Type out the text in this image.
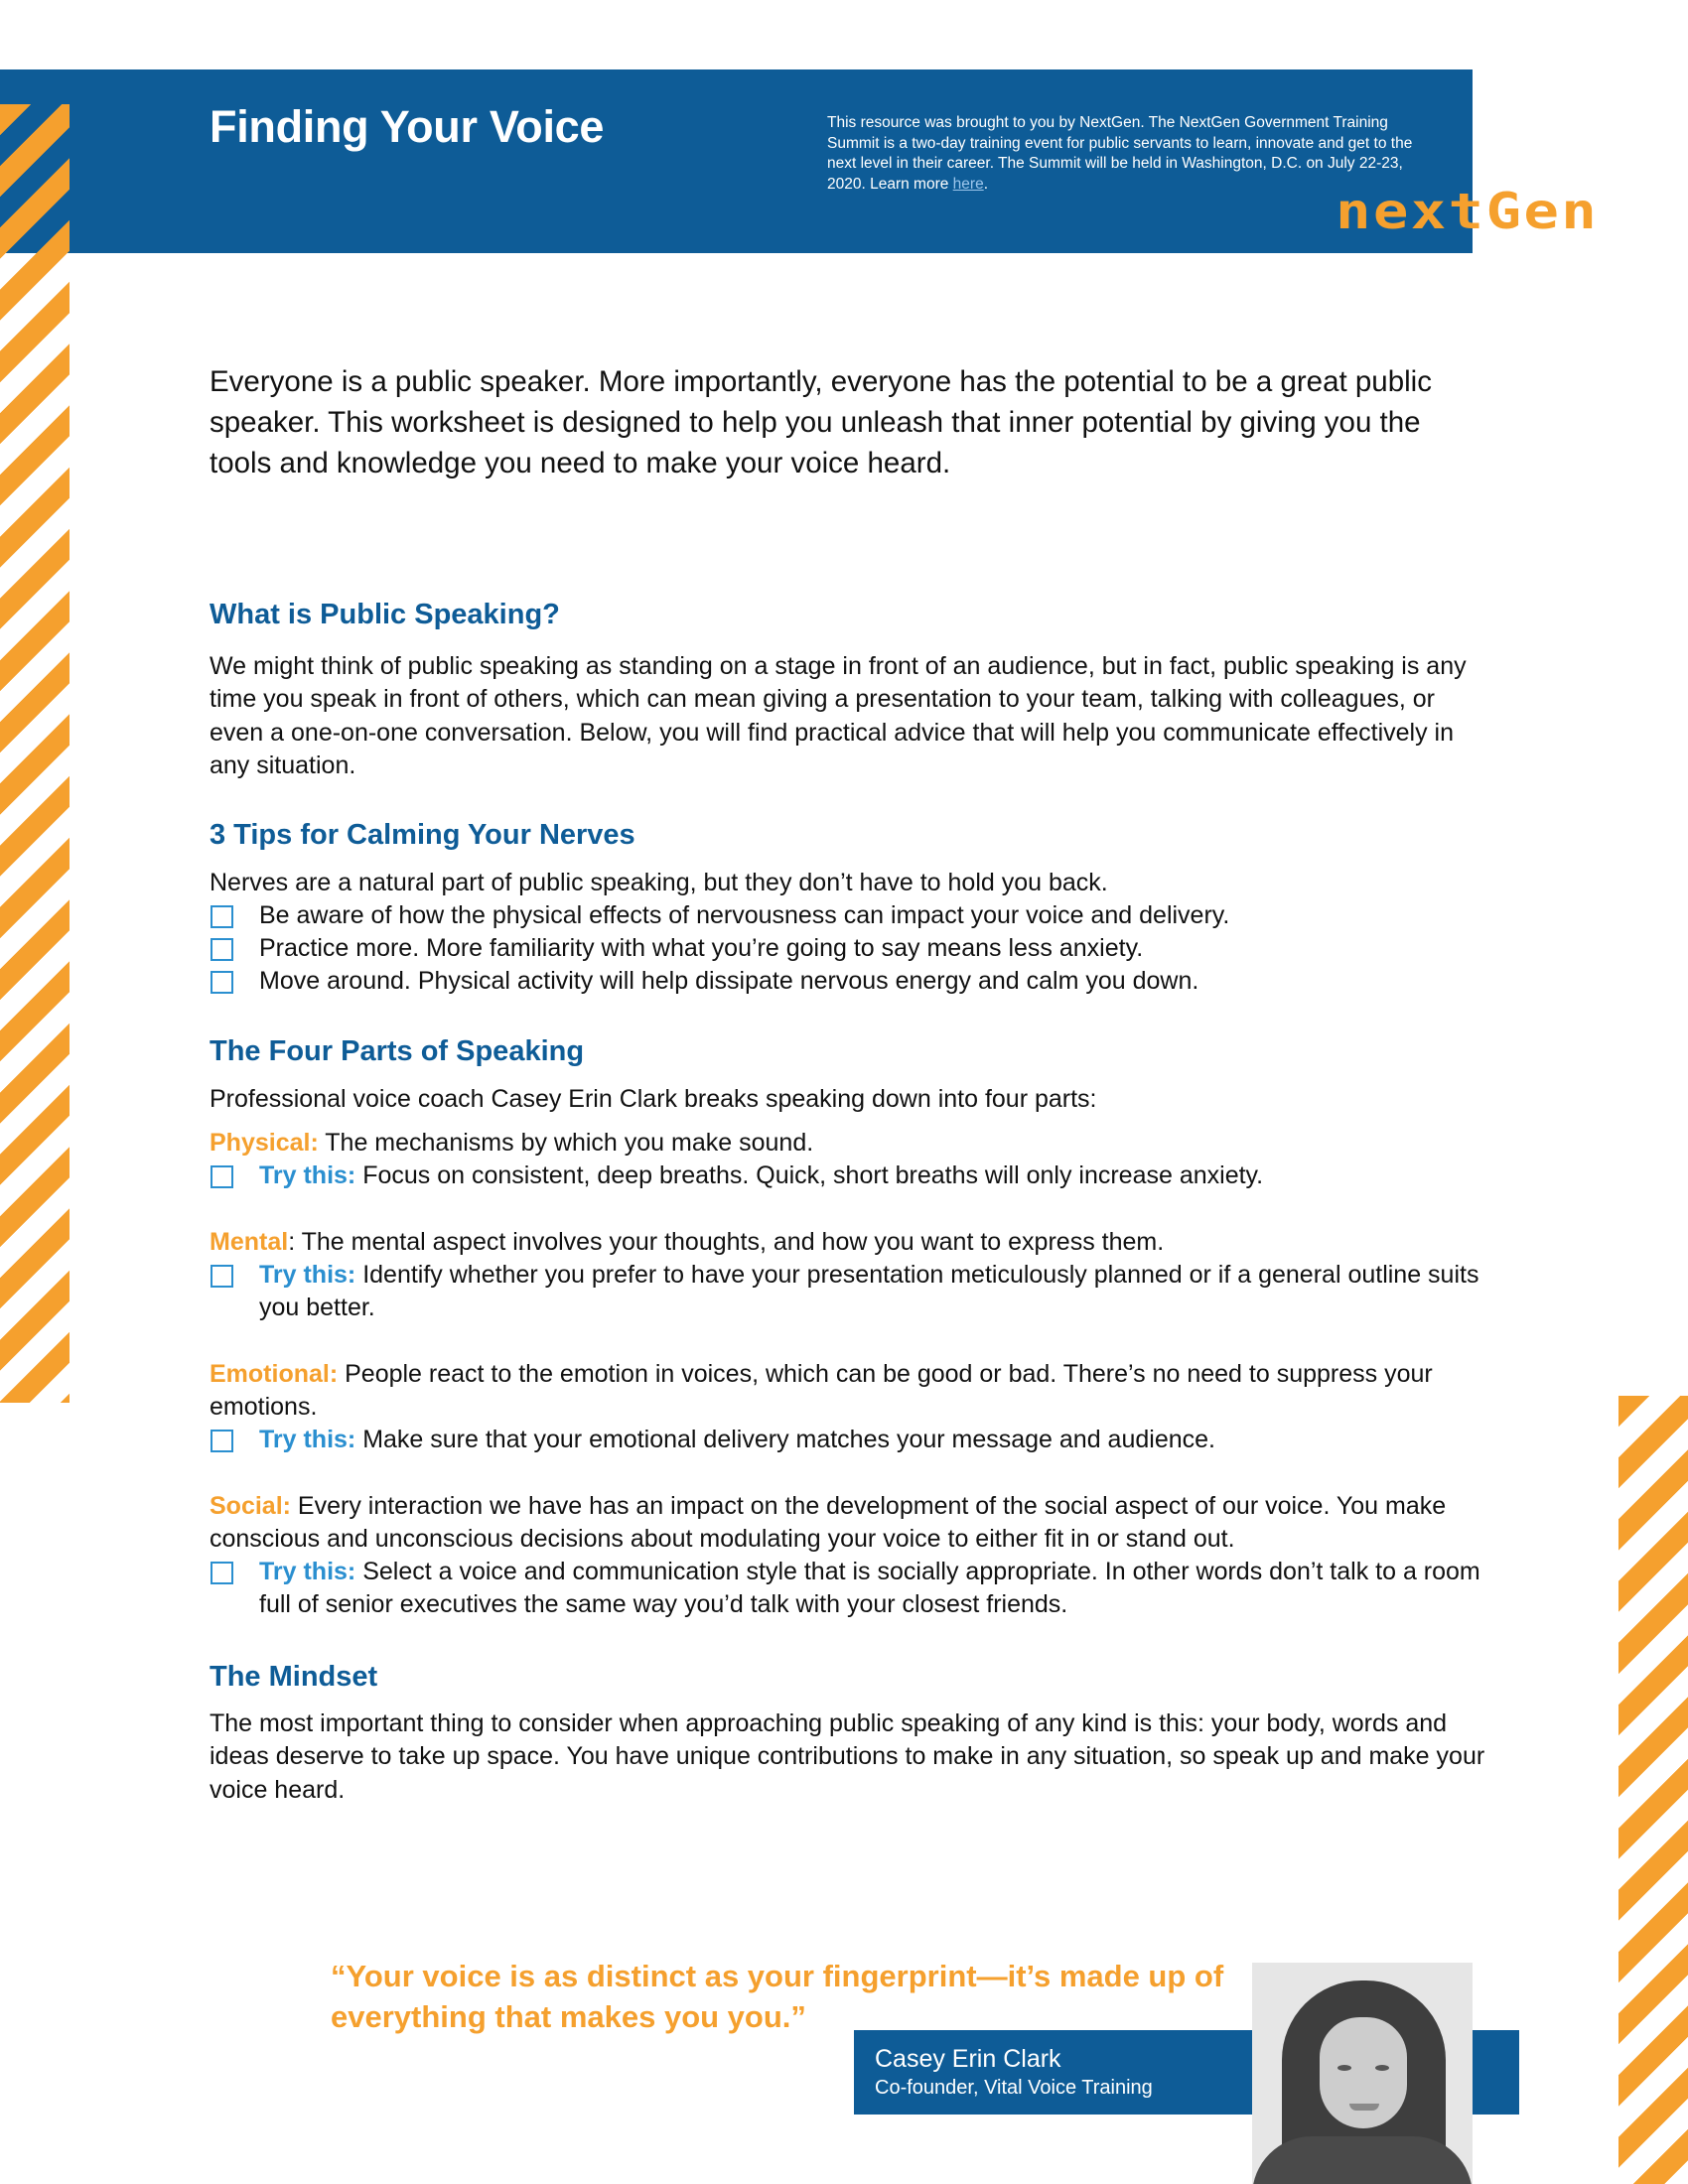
Finding Your Voice	This resource was brought to you by NextGen. The NextGen Government Training Summit is a two-day training event for public servants to learn, innovate and get to the next level in their career. The Summit will be held in Washington, D.C. on July 22-23, 2020. Learn more here.	nextGen

Everyone is a public speaker. More importantly, everyone has the potential to be a great public speaker. This worksheet is designed to help you unleash that inner potential by giving you the tools and knowledge you need to make your voice heard.

What is Public Speaking?

We might think of public speaking as standing on a stage in front of an audience, but in fact, public speaking is any time you speak in front of others, which can mean giving a presentation to your team, talking with colleagues, or even a one-on-one conversation. Below, you will find practical advice that will help you communicate effectively in any situation.

3 Tips for Calming Your Nerves

Nerves are a natural part of public speaking, but they don’t have to hold you back.

Be aware of how the physical effects of nervousness can impact your voice and delivery.
Practice more. More familiarity with what you’re going to say means less anxiety.
Move around. Physical activity will help dissipate nervous energy and calm you down.
The Four Parts of Speaking

Professional voice coach Casey Erin Clark breaks speaking down into four parts:

Physical: The mechanisms by which you make sound.

Try this: Focus on consistent, deep breaths. Quick, short breaths will only increase anxiety.

Mental: The mental aspect involves your thoughts, and how you want to express them.

Try this: Identify whether you prefer to have your presentation meticulously planned or if a general outline suits you better.

Emotional: People react to the emotion in voices, which can be good or bad. There’s no need to suppress your emotions.

Try this: Make sure that your emotional delivery matches your message and audience.

Social: Every interaction we have has an impact on the development of the social aspect of our voice. You make conscious and unconscious decisions about modulating your voice to either fit in or stand out.

Try this: Select a voice and communication style that is socially appropriate. In other words don’t talk to a room full of senior executives the same way you’d talk with your closest friends.
The Mindset

The most important thing to consider when approaching public speaking of any kind is this: your body, words and ideas deserve to take up space. You have unique contributions to make in any situation, so speak up and make your voice heard.

“Your voice is as distinct as your fingerprint—it’s made up of everything that makes you you.”

Casey Erin Clark
Co-founder, Vital Voice Training
